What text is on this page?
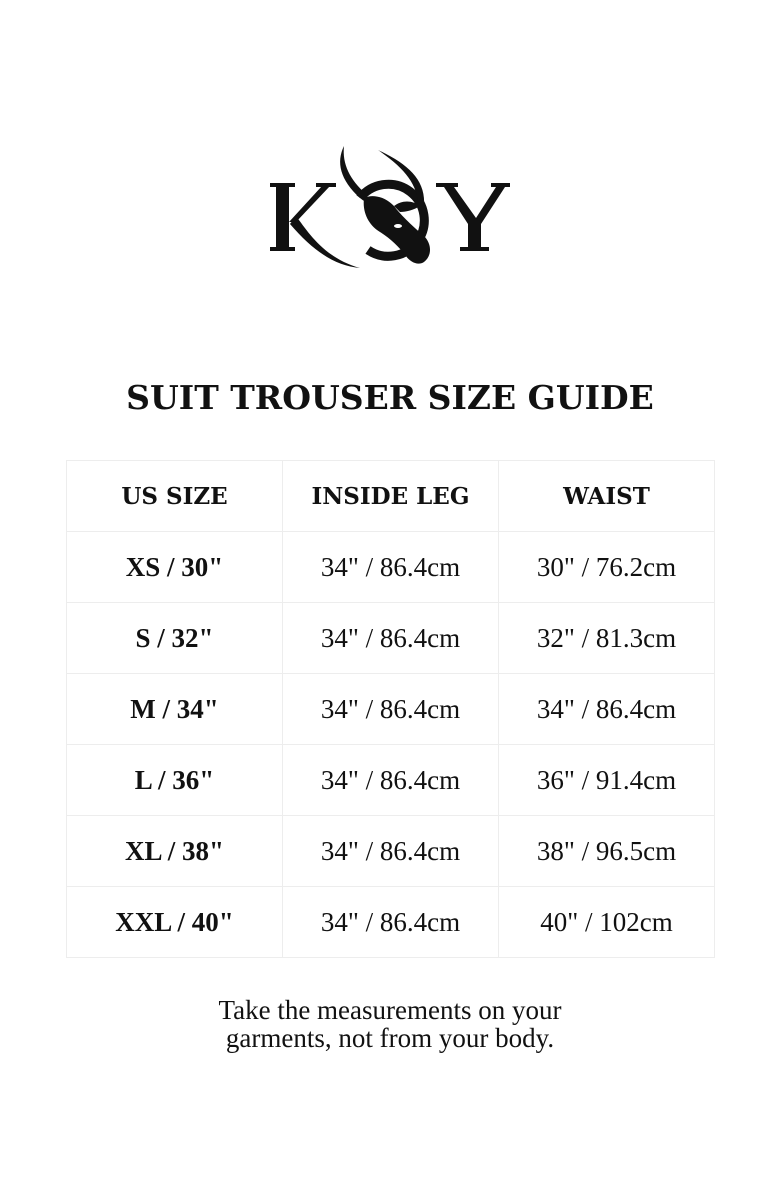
SUIT TROUSER SIZE GUIDE
US SIZE	INSIDE LEG	WAIST
XS / 30"	34" / 86.4cm	30" / 76.2cm
S / 32"	34" / 86.4cm	32" / 81.3cm
M / 34"	34" / 86.4cm	34" / 86.4cm
L / 36"	34" / 86.4cm	36" / 91.4cm
XL / 38"	34" / 86.4cm	38" / 96.5cm
XXL / 40"	34" / 86.4cm	40" / 102cm
Take the measurements on your
garments, not from your body.
